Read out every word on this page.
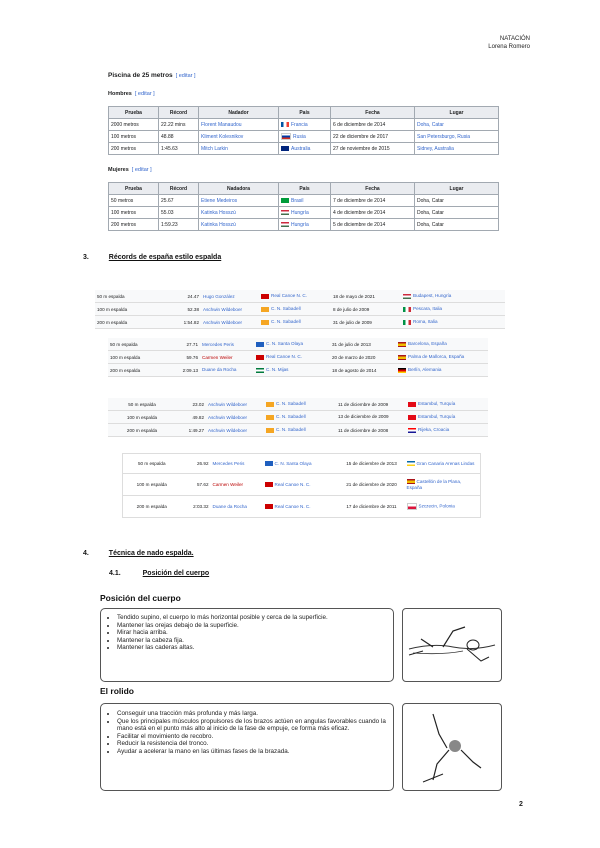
NATACIÓN
Lorena Romero
Piscina de 25 metros [ editar ]
Hombres [ editar ]
Prueba	Récord	Nadador	País	Fecha	Lugar
2000 metros	22.22 mins	Florent Manaudou	Francia	6 de diciembre de 2014	Doha, Catar
100 metros	48.88	Kliment Kolesnikov	Rusia	22 de diciembre de 2017	San Petersburgo, Rusia
200 metros	1:45.63	Mitch Larkin	Australia	27 de noviembre de 2015	Sidney, Australia
Mujeres [ editar ]
Prueba	Récord	Nadadora	País	Fecha	Lugar
50 metros	25.67	Etiene Medeiros	Brasil	7 de diciembre de 2014	Doha, Catar
100 metros	55.03	Katinka Hosszú	Hungría	4 de diciembre de 2014	Doha, Catar
200 metros	1:59.23	Katinka Hosszú	Hungría	5 de diciembre de 2014	Doha, Catar
3.	Récords de españa estilo espalda
50 m espalda	24.47	Hugo González	Real Canoe N. C.	18 de mayo de 2021	Budapest, Hungría
100 m espalda	52.38	Aschwin Wildeboer	C. N. Sabadell	8 de julio de 2009	Pescara, Italia
200 m espalda	1:54.82	Aschwin Wildeboer	C. N. Sabadell	31 de julio de 2009	Roma, Italia
50 m espalda	27.71	Mercedes Peris	C. N. Santa Olaya	31 de julio de 2013	Barcelona, España
100 m espalda	59.76	Carmen Weiler	Real Canoe N. C.	20 de marzo de 2020	Palma de Mallorca, España
200 m espalda	2:09.13	Duane da Rocha	C. N. Mijas	18 de agosto de 2014	Berlín, Alemania
50 m espalda	23.02	Aschwin Wildeboer	C. N. Sabadell	11 de diciembre de 2009	Estambul, Turquía
100 m espalda	49.82	Aschwin Wildeboer	C. N. Sabadell	13 de diciembre de 2009	Estambul, Turquía
200 m espalda	1:49.27	Aschwin Wildeboer	C. N. Sabadell	11 de diciembre de 2008	Rijeka, Croacia
50 m espalda	26.92	Mercedes Peris	C. N. Santa Olaya	15 de diciembre de 2013	Gran Canaria Arenas Lindas
100 m espalda	57.62	Carmen Weiler	Real Canoe N. C.	21 de diciembre de 2020	Castellón de la Plana, España
200 m espalda	2:03.32	Duane da Rocha	Real Canoe N. C.	17 de diciembre de 2011	Szczecin, Polonia
4.	Técnica de nado espalda.
4.1.	Posición del cuerpo
Posición del cuerpo
• Tendido supino, el cuerpo lo más horizontal posible y cerca de la superficie.
• Mantener las orejas debajo de la superficie.
• Mirar hacia arriba.
• Mantener la cabeza fija.
• Mantener las caderas altas.
El rolido
• Conseguir una tracción más profunda y más larga.
• Que los principales músculos propulsores de los brazos actúen en angulas favorables cuando la mano está en el punto más alto al inicio de la fase de empuje, ce forma más eficaz.
• Facilitar el movimiento de recobro.
• Reducir la resistencia del tronco.
• Ayudar a acelerar la mano en las últimas fases de la brazada.
2
